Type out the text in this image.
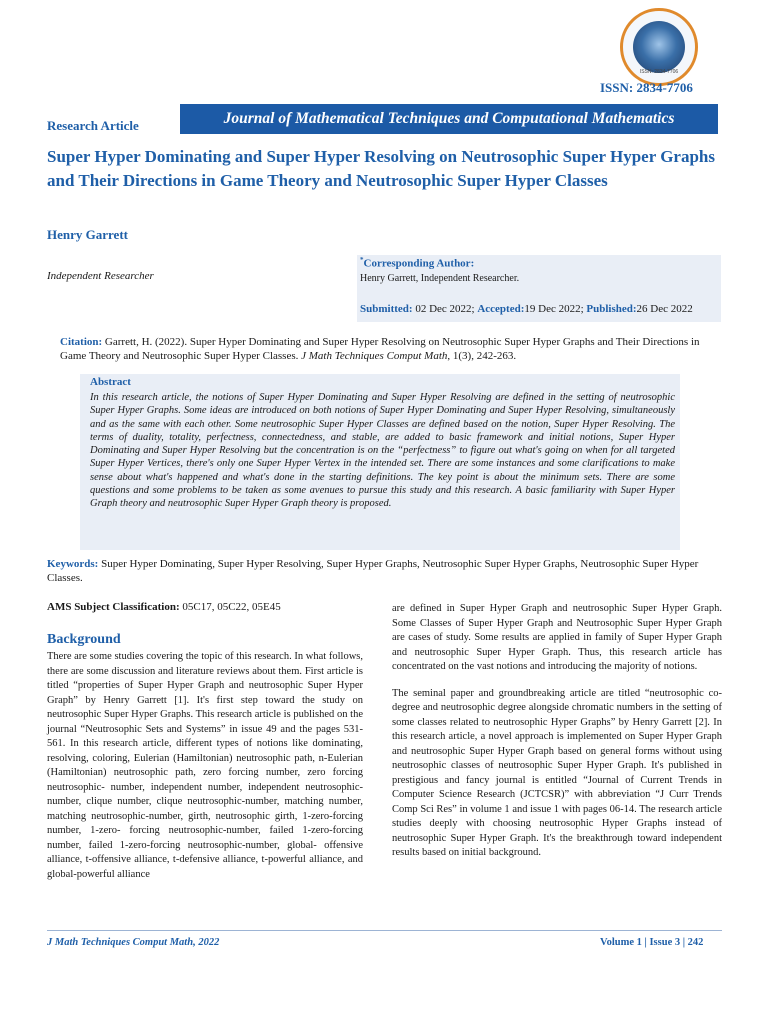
ISSN: 2834-7706
ISSN: 2834-7706
Research Article	Journal of Mathematical Techniques and Computational Mathematics
Super Hyper Dominating and Super Hyper Resolving on Neutrosophic Super Hyper Graphs and Their Directions in Game Theory and Neutrosophic Super Hyper Classes
Henry Garrett
Independent Researcher
*Corresponding Author:
Henry Garrett, Independent Researcher.
Submitted: 02 Dec 2022; Accepted:19 Dec 2022; Published:26 Dec 2022
Citation: Garrett, H. (2022). Super Hyper Dominating and Super Hyper Resolving on Neutrosophic Super Hyper Graphs and Their Directions in Game Theory and Neutrosophic Super Hyper Classes. J Math Techniques Comput Math, 1(3), 242-263.
Abstract
In this research article, the notions of Super Hyper Dominating and Super Hyper Resolving are defined in the setting of neutrosophic Super Hyper Graphs. Some ideas are introduced on both notions of Super Hyper Dominating and Super Hyper Resolving, simultaneously and as the same with each other. Some neutrosophic Super Hyper Classes are defined based on the notion, Super Hyper Resolving. The terms of duality, totality, perfectness, connectedness, and stable, are added to basic framework and initial notions, Super Hyper Dominating and Super Hyper Resolving but the concentration is on the “perfectness” to figure out what's going on when for all targeted Super Hyper Vertices, there's only one Super Hyper Vertex in the intended set. There are some instances and some clarifications to make sense about what's happened and what's done in the starting definitions. The key point is about the minimum sets. There are some questions and some problems to be taken as some avenues to pursue this study and this research. A basic familiarity with Super Hyper Graph theory and neutrosophic Super Hyper Graph theory is proposed.
Keywords: Super Hyper Dominating, Super Hyper Resolving, Super Hyper Graphs, Neutrosophic Super Hyper Graphs, Neutrosophic Super Hyper Classes.
AMS Subject Classification: 05C17, 05C22, 05E45
Background
There are some studies covering the topic of this research. In what follows, there are some discussion and literature reviews about them. First article is titled “properties of Super Hyper Graph and neutrosophic Super Hyper Graph” by Henry Garrett [1]. It's first step toward the study on neutrosophic Super Hyper Graphs. This research article is published on the journal “Neutrosophic Sets and Systems” in issue 49 and the pages 531-561. In this research article, different types of notions like dominating, resolving, coloring, Eulerian (Hamiltonian) neutrosophic path, n-Eulerian (Hamiltonian) neutrosophic path, zero forcing number, zero forcing neutrosophic- number, independent number, independent neutrosophic-number, clique number, clique neutrosophic-number, matching number, matching neutrosophic-number, girth, neutrosophic girth, 1-zero-forcing number, 1-zero- forcing neutrosophic-number, failed 1-zero-forcing number, failed 1-zero-forcing neutrosophic-number, global- offensive alliance, t-offensive alliance, t-defensive alliance, t-powerful alliance, and global-powerful alliance

are defined in Super Hyper Graph and neutrosophic Super Hyper Graph. Some Classes of Super Hyper Graph and Neutrosophic Super Hyper Graph are cases of study. Some results are applied in family of Super Hyper Graph and neutrosophic Super Hyper Graph. Thus, this research article has concentrated on the vast notions and introducing the majority of notions.

The seminal paper and groundbreaking article are titled “neutrosophic co-degree and neutrosophic degree alongside chromatic numbers in the setting of some classes related to neutrosophic Hyper Graphs” by Henry Garrett [2]. In this research article, a novel approach is implemented on Super Hyper Graph and neutrosophic Super Hyper Graph based on general forms without using neutrosophic classes of neutrosophic Super Hyper Graph. It's published in prestigious and fancy journal is entitled “Journal of Current Trends in Computer Science Research (JCTCSR)” with abbreviation “J Curr Trends Comp Sci Res” in volume 1 and issue 1 with pages 06-14. The research article studies deeply with choosing neutrosophic Hyper Graphs instead of neutrosophic Super Hyper Graph. It's the breakthrough toward independent results based on initial background.

J Math Techniques Comput Math, 2022	Volume 1 | Issue 3 | 242
